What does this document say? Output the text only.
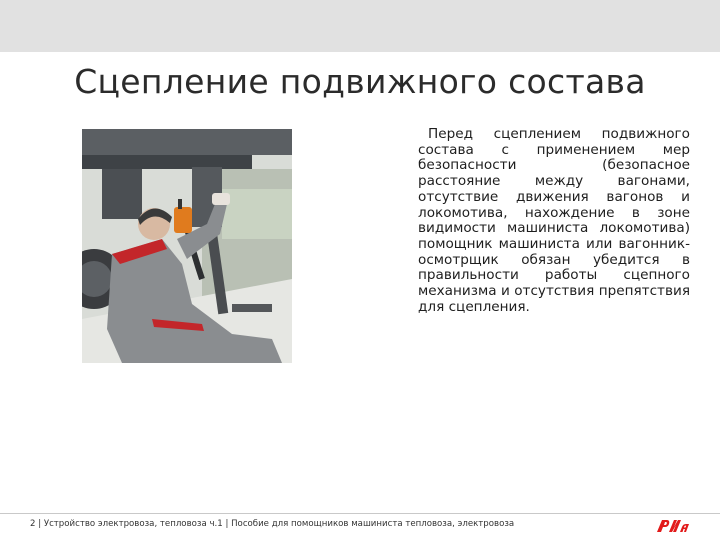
Сцепление подвижного состава
Перед сцеплением подвижного состава с применением мер безопасности (безопасное расстояние между вагонами, отсутствие движения вагонов и локомотива, нахождение в зоне видимости машиниста локомотива) помощник машиниста или вагонник-осмотрщик обязан убедится в правильности работы сцепного механизма и отсутствия препятствия для сцепления.
2 | Устройство электровоза, тепловоза ч.1 | Пособие для помощников машиниста тепловоза, электровоза
